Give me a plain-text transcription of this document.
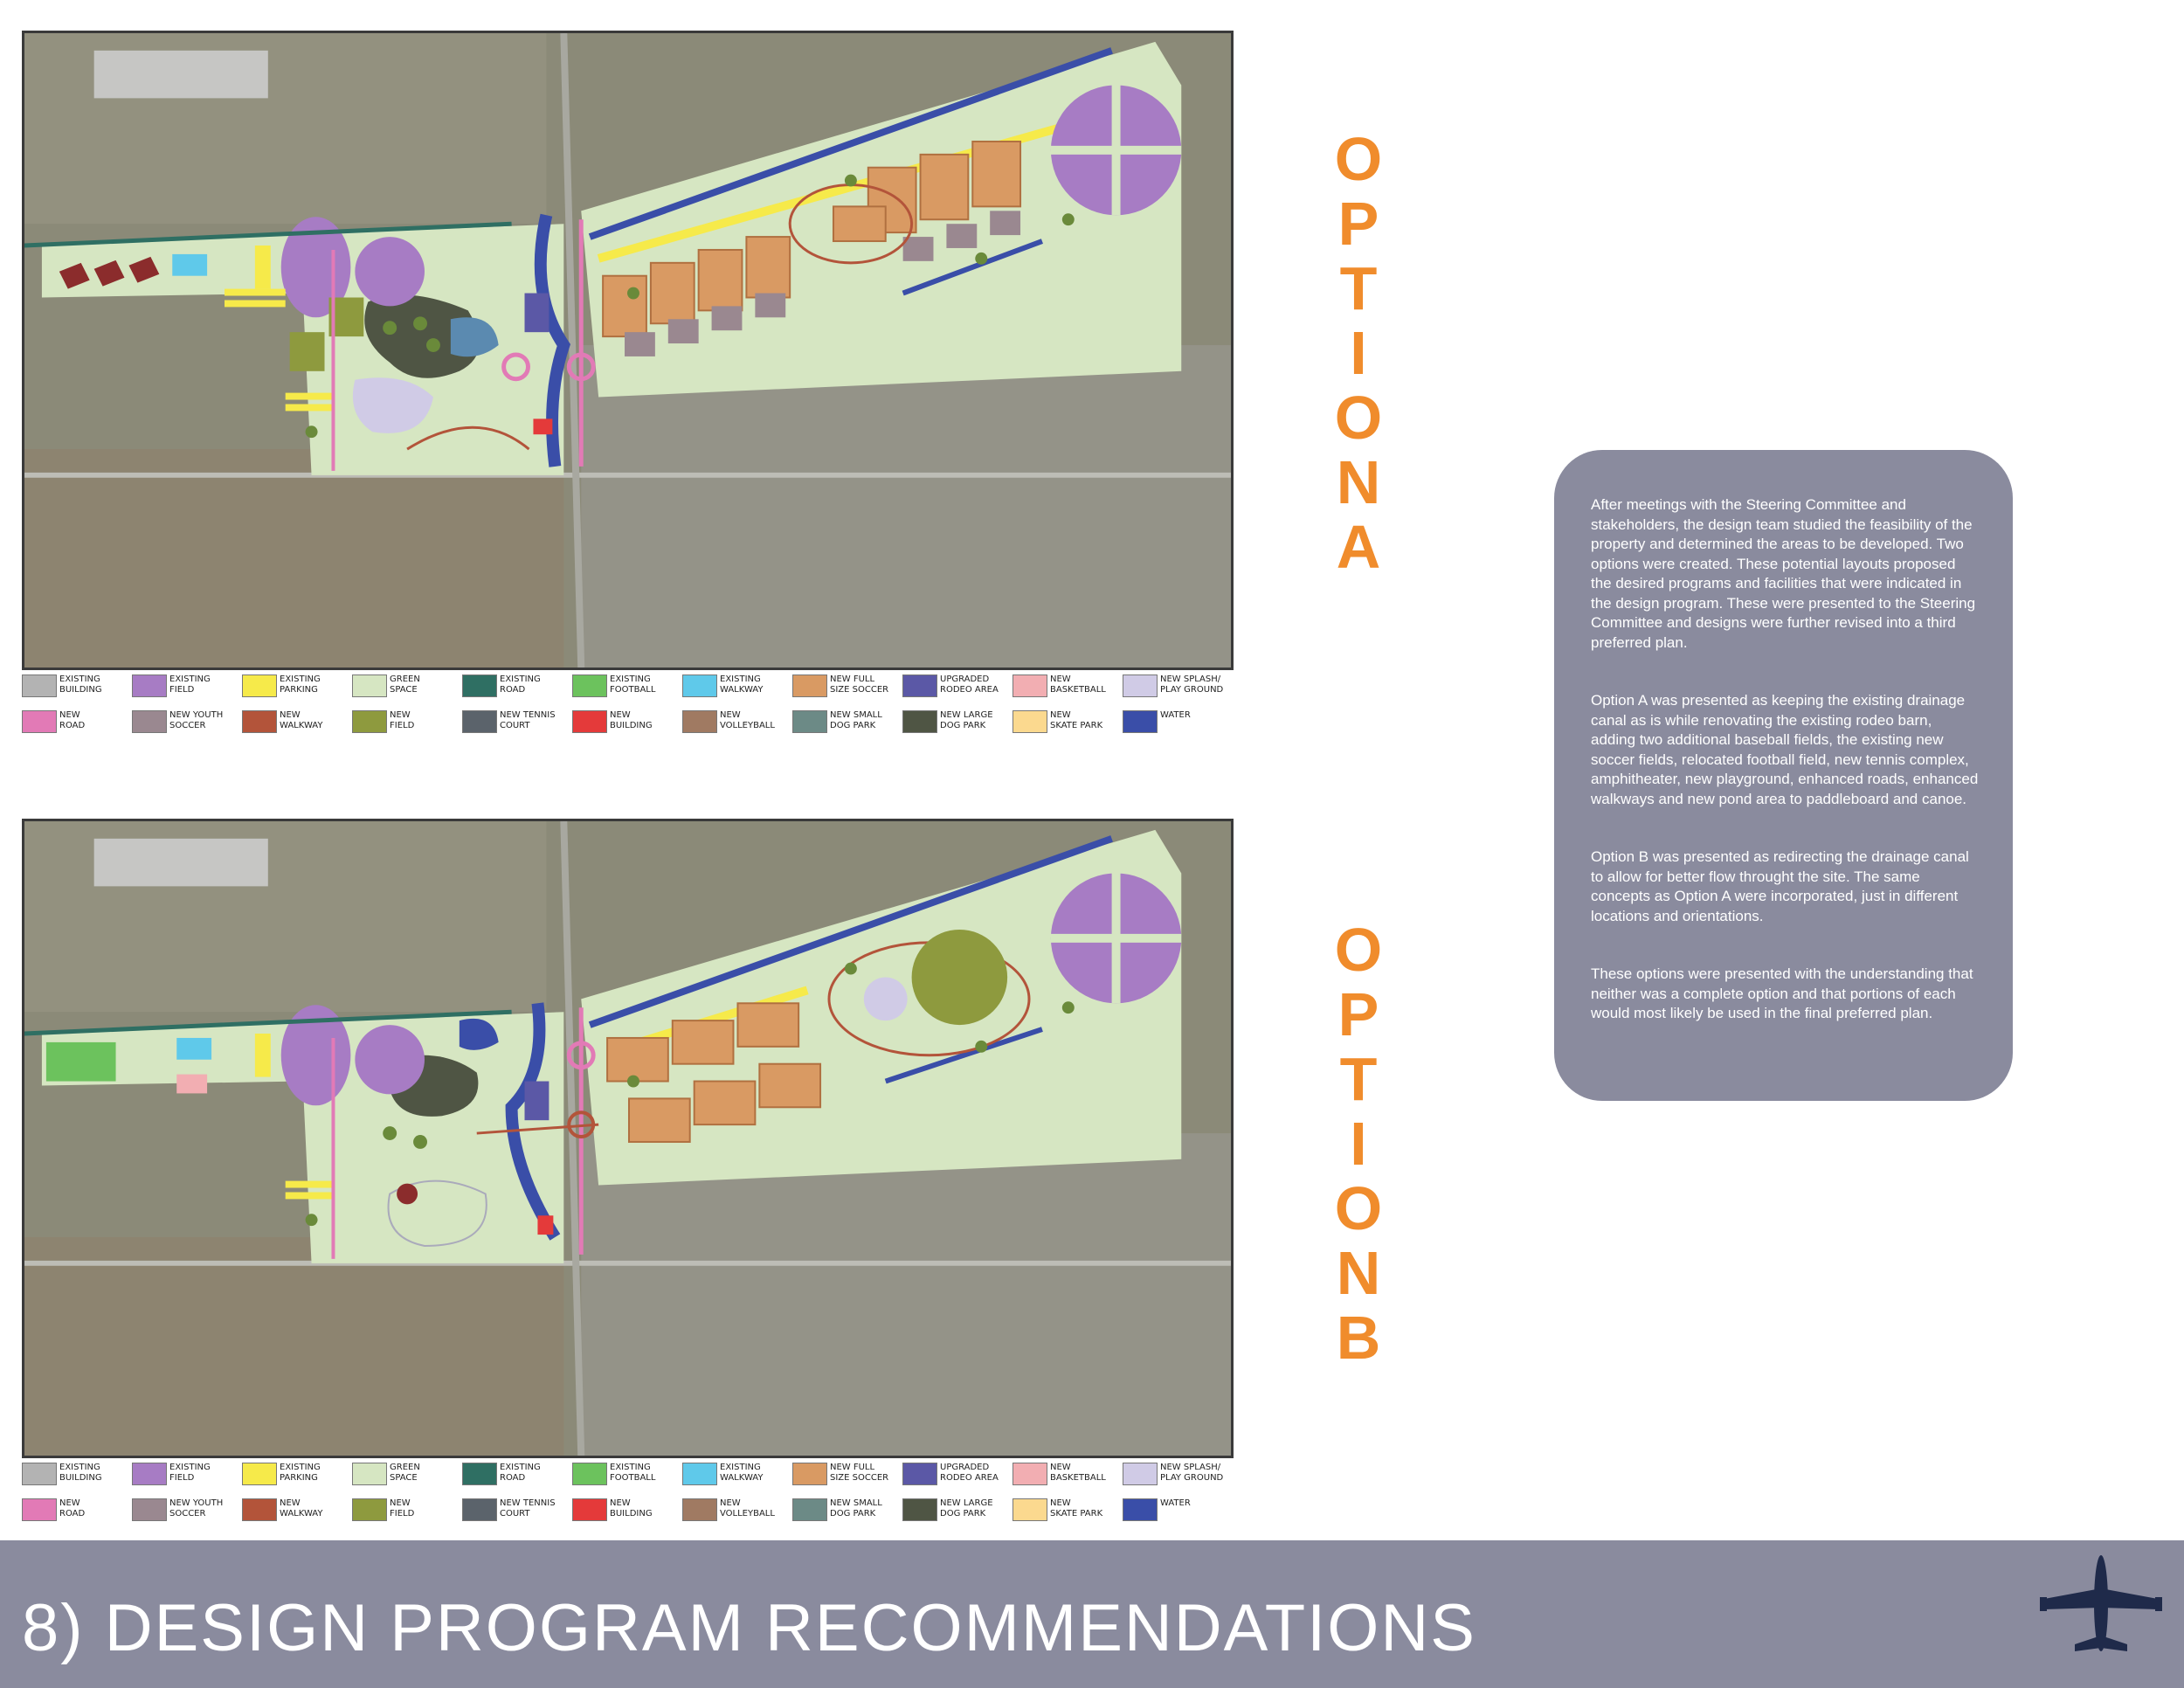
EXISTING
BUILDING
EXISTING
FIELD
EXISTING
PARKING
GREEN
SPACE
EXISTING
ROAD
EXISTING
FOOTBALL
EXISTING
WALKWAY
NEW FULL
SIZE SOCCER
UPGRADED
RODEO AREA
NEW
BASKETBALL
NEW SPLASH/
PLAY GROUND
NEW
ROAD
NEW YOUTH
SOCCER
NEW
WALKWAY
NEW
FIELD
NEW TENNIS
COURT
NEW
BUILDING
NEW
VOLLEYBALL
NEW SMALL
DOG PARK
NEW LARGE
DOG PARK
NEW
SKATE PARK
WATER
EXISTING
BUILDING
EXISTING
FIELD
EXISTING
PARKING
GREEN
SPACE
EXISTING
ROAD
EXISTING
FOOTBALL
EXISTING
WALKWAY
NEW FULL
SIZE SOCCER
UPGRADED
RODEO AREA
NEW
BASKETBALL
NEW SPLASH/
PLAY GROUND
NEW
ROAD
NEW YOUTH
SOCCER
NEW
WALKWAY
NEW
FIELD
NEW TENNIS
COURT
NEW
BUILDING
NEW
VOLLEYBALL
NEW SMALL
DOG PARK
NEW LARGE
DOG PARK
NEW
SKATE PARK
WATER
O
P
T
I
O
N
A
O
P
T
I
O
N
B

After meetings with the Steering Committee and stakeholders, the design team studied the feasibility of the property and determined the areas to be developed. Two options were created. These potential layouts proposed the desired programs and facilities that were indicated in the design program. These were presented to the Steering Committee and designs were further revised into a third preferred plan.

Option A was presented as keeping the existing drainage canal as is while renovating the existing rodeo barn, adding two additional baseball fields, the existing new soccer fields, relocated football field, new tennis complex, amphitheater, new playground, enhanced roads, enhanced walkways and new pond area to paddleboard and canoe.

Option B was presented as redirecting the drainage canal to allow for better flow throught the site. The same concepts as Option A were incorporated, just in different locations and orientations.

These options were presented with the understanding that neither was a complete option and that portions of each would most likely be used in the final preferred plan.

8) DESIGN PROGRAM RECOMMENDATIONS
